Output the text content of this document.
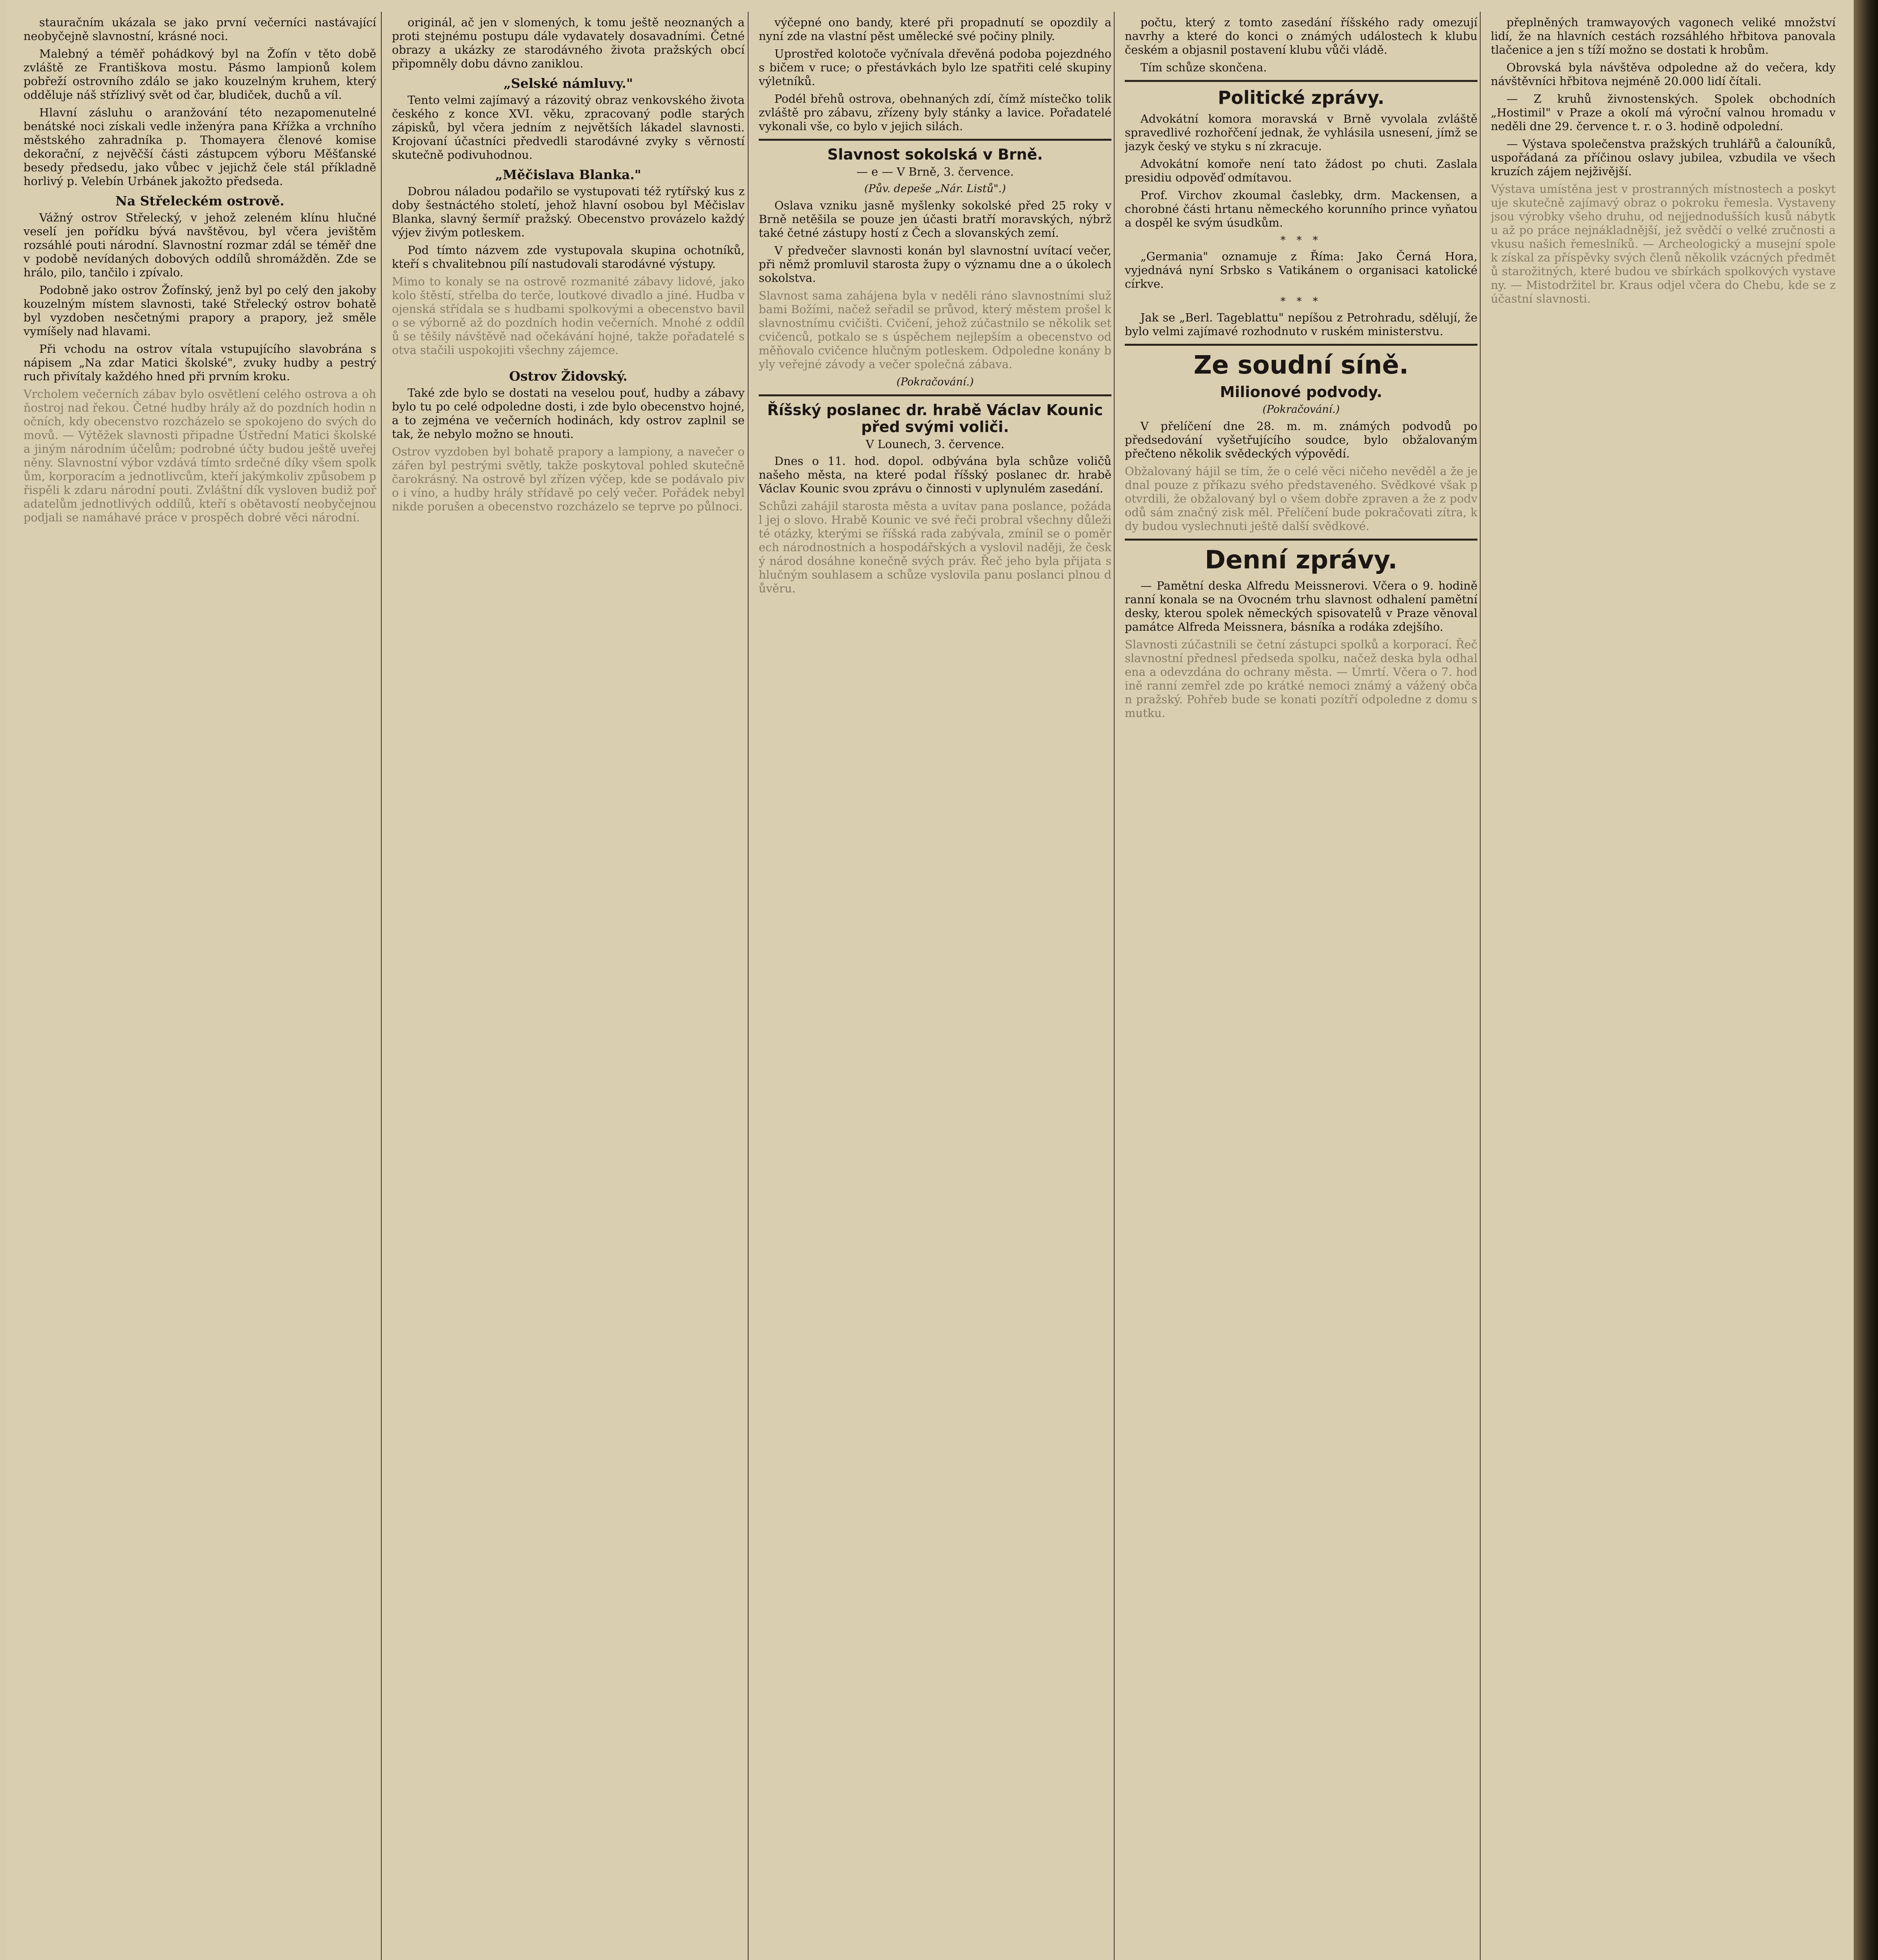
stauračním ukázala se jako první večerníci nastávající neobyčejně slavnostní, krásné noci.

Malebný a téměř pohádkový byl na Žofín v těto době zvláště ze Františkova mostu. Pásmo lampionů kolem pobřeží ostrovního zdálo se jako kouzelným kruhem, který odděluje náš střízlivý svět od čar, bludiček, duchů a víl.

Hlavní zásluhu o aranžování této nezapomenutelné benátské noci získali vedle inženýra pana Křížka a vrchního městského zahradníka p. Thomayera členové komise dekorační, z nejvěčší části zástupcem výboru Měšťanské besedy předsedu, jako vůbec v jejichž čele stál příkladně horlivý p. Velebín Urbánek jakožto předseda.

Na Střeleckém ostrově.

Vážný ostrov Střelecký, v jehož zeleném klínu hlučné veselí jen pořídku bývá navštěvou, byl včera jevištěm rozsáhlé pouti národní. Slavnostní rozmar zdál se téměř dne v podobě nevídaných dobových oddílů shromážděn. Zde se hrálo, pilo, tančilo i zpívalo.

Podobně jako ostrov Žofínský, jenž byl po celý den jakoby kouzelným místem slavnosti, také Střelecký ostrov bohatě byl vyzdoben nesčetnými prapory a prapory, jež směle vymíšely nad hlavami.

Při vchodu na ostrov vítala vstupujícího slavobrána s nápisem „Na zdar Matici školské", zvuky hudby a pestrý ruch přivítaly každého hned při prvním kroku.

Vrcholem večerních zábav bylo osvětlení celého ostrova a ohňostroj nad řekou. Četné hudby hrály až do pozdních hodin nočních, kdy obecenstvo rozcházelo se spokojeno do svých domovů. — Výtěžek slavnosti připadne Ústřední Matici školské a jiným národním účelům; podrobné účty budou ještě uveřejněny. Slavnostní výbor vzdává tímto srdečné díky všem spolkům, korporacím a jednotlivcům, kteří jakýmkoliv způsobem přispěli k zdaru národní pouti. Zvláštní dík vysloven budiž pořadatelům jednotlivých oddílů, kteří s obětavostí neobyčejnou podjali se namáhavé práce v prospěch dobré věci národní.

originál, ač jen v slomených, k tomu ještě neoznaných a proti stejnému postupu dále vydavately dosavadními. Četné obrazy a ukázky ze starodávného života pražských obcí připomněly dobu dávno zaniklou.

„Selské námluvy."

Tento velmi zajímavý a rázovitý obraz venkovského života českého z konce XVI. věku, zpracovaný podle starých zápisků, byl včera jedním z největších lákadel slavnosti. Krojovaní účastníci předvedli starodávné zvyky s věrností skutečně podivuhodnou.

„Měčislava Blanka."

Dobrou náladou podařilo se vystupovati též rytířský kus z doby šestnáctého století, jehož hlavní osobou byl Měčislav Blanka, slavný šermíř pražský. Obecenstvo provázelo každý výjev živým potleskem.

Pod tímto názvem zde vystupovala skupina ochotníků, kteří s chvalitebnou pílí nastudovali starodávné výstupy.

Mimo to konaly se na ostrově rozmanité zábavy lidové, jako kolo štěstí, střelba do terče, loutkové divadlo a jiné. Hudba vojenská střídala se s hudbami spolkovými a obecenstvo bavilo se výborně až do pozdních hodin večerních. Mnohé z oddílů se těšily návštěvě nad očekávání hojné, takže pořadatelé sotva stačili uspokojiti všechny zájemce.

Ostrov Židovský.

Také zde bylo se dostati na veselou pouť, hudby a zábavy bylo tu po celé odpoledne dosti, i zde bylo obecenstvo hojné, a to zejména ve večerních hodinách, kdy ostrov zaplnil se tak, že nebylo možno se hnouti.

Ostrov vyzdoben byl bohatě prapory a lampiony, a navečer ozářen byl pestrými světly, takže poskytoval pohled skutečně čarokrásný. Na ostrově byl zřízen výčep, kde se podávalo pivo i víno, a hudby hrály střídavě po celý večer. Pořádek nebyl nikde porušen a obecenstvo rozcházelo se teprve po půlnoci.

výčepné ono bandy, které při propadnutí se opozdily a nyní zde na vlastní pěst umělecké své počiny plnily.

Uprostřed kolotoče vyčnívala dřevěná podoba pojezdného s bičem v ruce; o přestávkách bylo lze spatřiti celé skupiny výletníků.

Podél břehů ostrova, obehnaných zdí, čímž místečko tolik zvláště pro zábavu, zřízeny byly stánky a lavice. Pořadatelé vykonali vše, co bylo v jejich silách.

Slavnost sokolská v Brně.
— e — V Brně, 3. července.
(Pův. depeše „Nár. Listů".)

Oslava vzniku jasně myšlenky sokolské před 25 roky v Brně netěšila se pouze jen účasti bratří moravských, nýbrž také četné zástupy hostí z Čech a slovanských zemí.

V předvečer slavnosti konán byl slavnostní uvítací večer, při němž promluvil starosta župy o významu dne a o úkolech sokolstva.

Slavnost sama zahájena byla v neděli ráno slavnostními službami Božími, načež seřadil se průvod, který městem prošel k slavnostnímu cvičišti. Cvičení, jehož zúčastnilo se několik set cvičenců, potkalo se s úspěchem nejlepším a obecenstvo odměňovalo cvičence hlučným potleskem. Odpoledne konány byly veřejné závody a večer společná zábava.

(Pokračování.)
Říšský poslanec dr. hrabě Václav Kounic před svými voliči.
V Lounech, 3. července.

Dnes o 11. hod. dopol. odbývána byla schůze voličů našeho města, na které podal říšský poslanec dr. hrabě Václav Kounic svou zprávu o činnosti v uplynulém zasedání.

Schůzi zahájil starosta města a uvítav pana poslance, požádal jej o slovo. Hrabě Kounic ve své řeči probral všechny důležité otázky, kterými se říšská rada zabývala, zmínil se o poměrech národnostních a hospodářských a vyslovil naději, že český národ dosáhne konečně svých práv. Řeč jeho byla přijata s hlučným souhlasem a schůze vyslovila panu poslanci plnou důvěru.

počtu, který z tomto zasedání říšského rady omezují navrhy a které do konci o známých událostech k klubu českém a objasnil postavení klubu vůči vládě.

Tím schůze skončena.

Politické zprávy.

Advokátní komora moravská v Brně vyvolala zvláště spravedlivé rozhořčení jednak, že vyhlásila usnesení, jímž se jazyk český ve styku s ní zkracuje.

Advokátní komoře není tato žádost po chuti. Zaslala presidiu odpověď odmítavou.

Prof. Virchov zkoumal časlebky, drm. Mackensen, a chorobné části hrtanu německého korunního prince vyňatou a dospěl ke svým úsudkům.

* * *

„Germania" oznamuje z Říma: Jako Černá Hora, vyjednává nyní Srbsko s Vatikánem o organisaci katolické církve.

* * *

Jak se „Berl. Tageblattu" nepíšou z Petrohradu, sdělují, že bylo velmi zajímavé rozhodnuto v ruském ministerstvu.

Ze soudní síně.
Milionové podvody.
(Pokračování.)

V přelíčení dne 28. m. m. známých podvodů po předsedování vyšetřujícího soudce, bylo obžalovaným přečteno několik svědeckých výpovědí.

Obžalovaný hájil se tím, že o celé věci ničeho nevěděl a že jednal pouze z příkazu svého představeného. Svědkové však potvrdili, že obžalovaný byl o všem dobře zpraven a že z podvodů sám značný zisk měl. Přelíčení bude pokračovati zítra, kdy budou vyslechnuti ještě další svědkové.

Denní zprávy.

— Pamětní deska Alfredu Meissnerovi. Včera o 9. hodině ranní konala se na Ovocném trhu slavnost odhalení pamětní desky, kterou spolek německých spisovatelů v Praze věnoval památce Alfreda Meissnera, básníka a rodáka zdejšího.

Slavnosti zúčastnili se četní zástupci spolků a korporací. Řeč slavnostní přednesl předseda spolku, načež deska byla odhalena a odevzdána do ochrany města. — Úmrtí. Včera o 7. hodině ranní zemřel zde po krátké nemoci známý a vážený občan pražský. Pohřeb bude se konati pozítří odpoledne z domu smutku.

přeplněných tramwayových vagonech veliké množství lidí, že na hlavních cestách rozsáhlého hřbitova panovala tlačenice a jen s tíží možno se dostati k hrobům.

Obrovská byla návštěva odpoledne až do večera, kdy návštěvníci hřbitova nejméně 20.000 lidí čítali.

— Z kruhů živnostenských. Spolek obchodních „Hostimil" v Praze a okolí má výroční valnou hromadu v neděli dne 29. července t. r. o 3. hodině odpolední.

— Výstava společenstva pražských truhlářů a čalouníků, uspořádaná za příčinou oslavy jubilea, vzbudila ve všech kruzích zájem nejživější.

Výstava umístěna jest v prostranných místnostech a poskytuje skutečně zajímavý obraz o pokroku řemesla. Vystaveny jsou výrobky všeho druhu, od nejjednodušších kusů nábytku až po práce nejnákladnější, jež svědčí o velké zručnosti a vkusu našich řemeslníků. — Archeologický a musejní spolek získal za příspěvky svých členů několik vzácných předmětů starožitných, které budou ve sbírkách spolkových vystaveny. — Mistodržitel br. Kraus odjel včera do Chebu, kde se zúčastní slavnosti.
